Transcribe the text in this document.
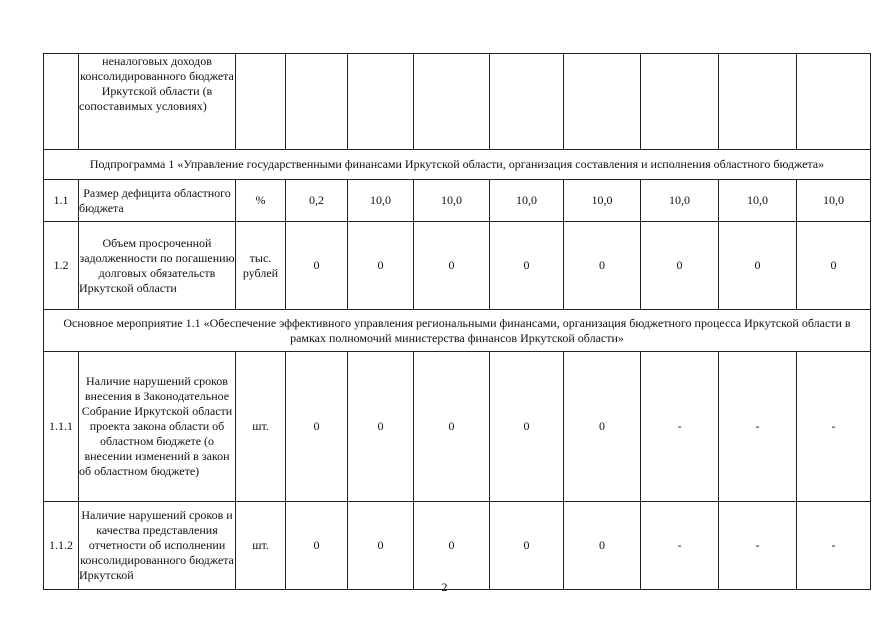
	неналоговых доходов консолидированного бюджета Иркутской области (в сопоставимых условиях)									
Подпрограмма 1 «Управление государственными финансами Иркутской области, организация составления и исполнения областного бюджета»										
1.1	Размер дефицита областного бюджета	%	0,2	10,0	10,0	10,0	10,0	10,0	10,0	10,0
1.2	Объем просроченной задолженности по погашению долговых обязательств Иркутской области	тыс. рублей	0	0	0	0	0	0	0	0
Основное мероприятие 1.1 «Обеспечение эффективного управления региональными финансами, организация бюджетного процесса Иркутской области в рамках полномочий министерства финансов Иркутской области»										
1.1.1	Наличие нарушений сроков внесения в Законодательное Собрание Иркутской области проекта закона области об областном бюджете (о внесении изменений в закон об областном бюджете)	шт.	0	0	0	0	0	-	-	-
1.1.2	Наличие нарушений сроков и качества представления отчетности об исполнении консолидированного бюджета Иркутской	шт.	0	0	0	0	0	-	-	-
2
